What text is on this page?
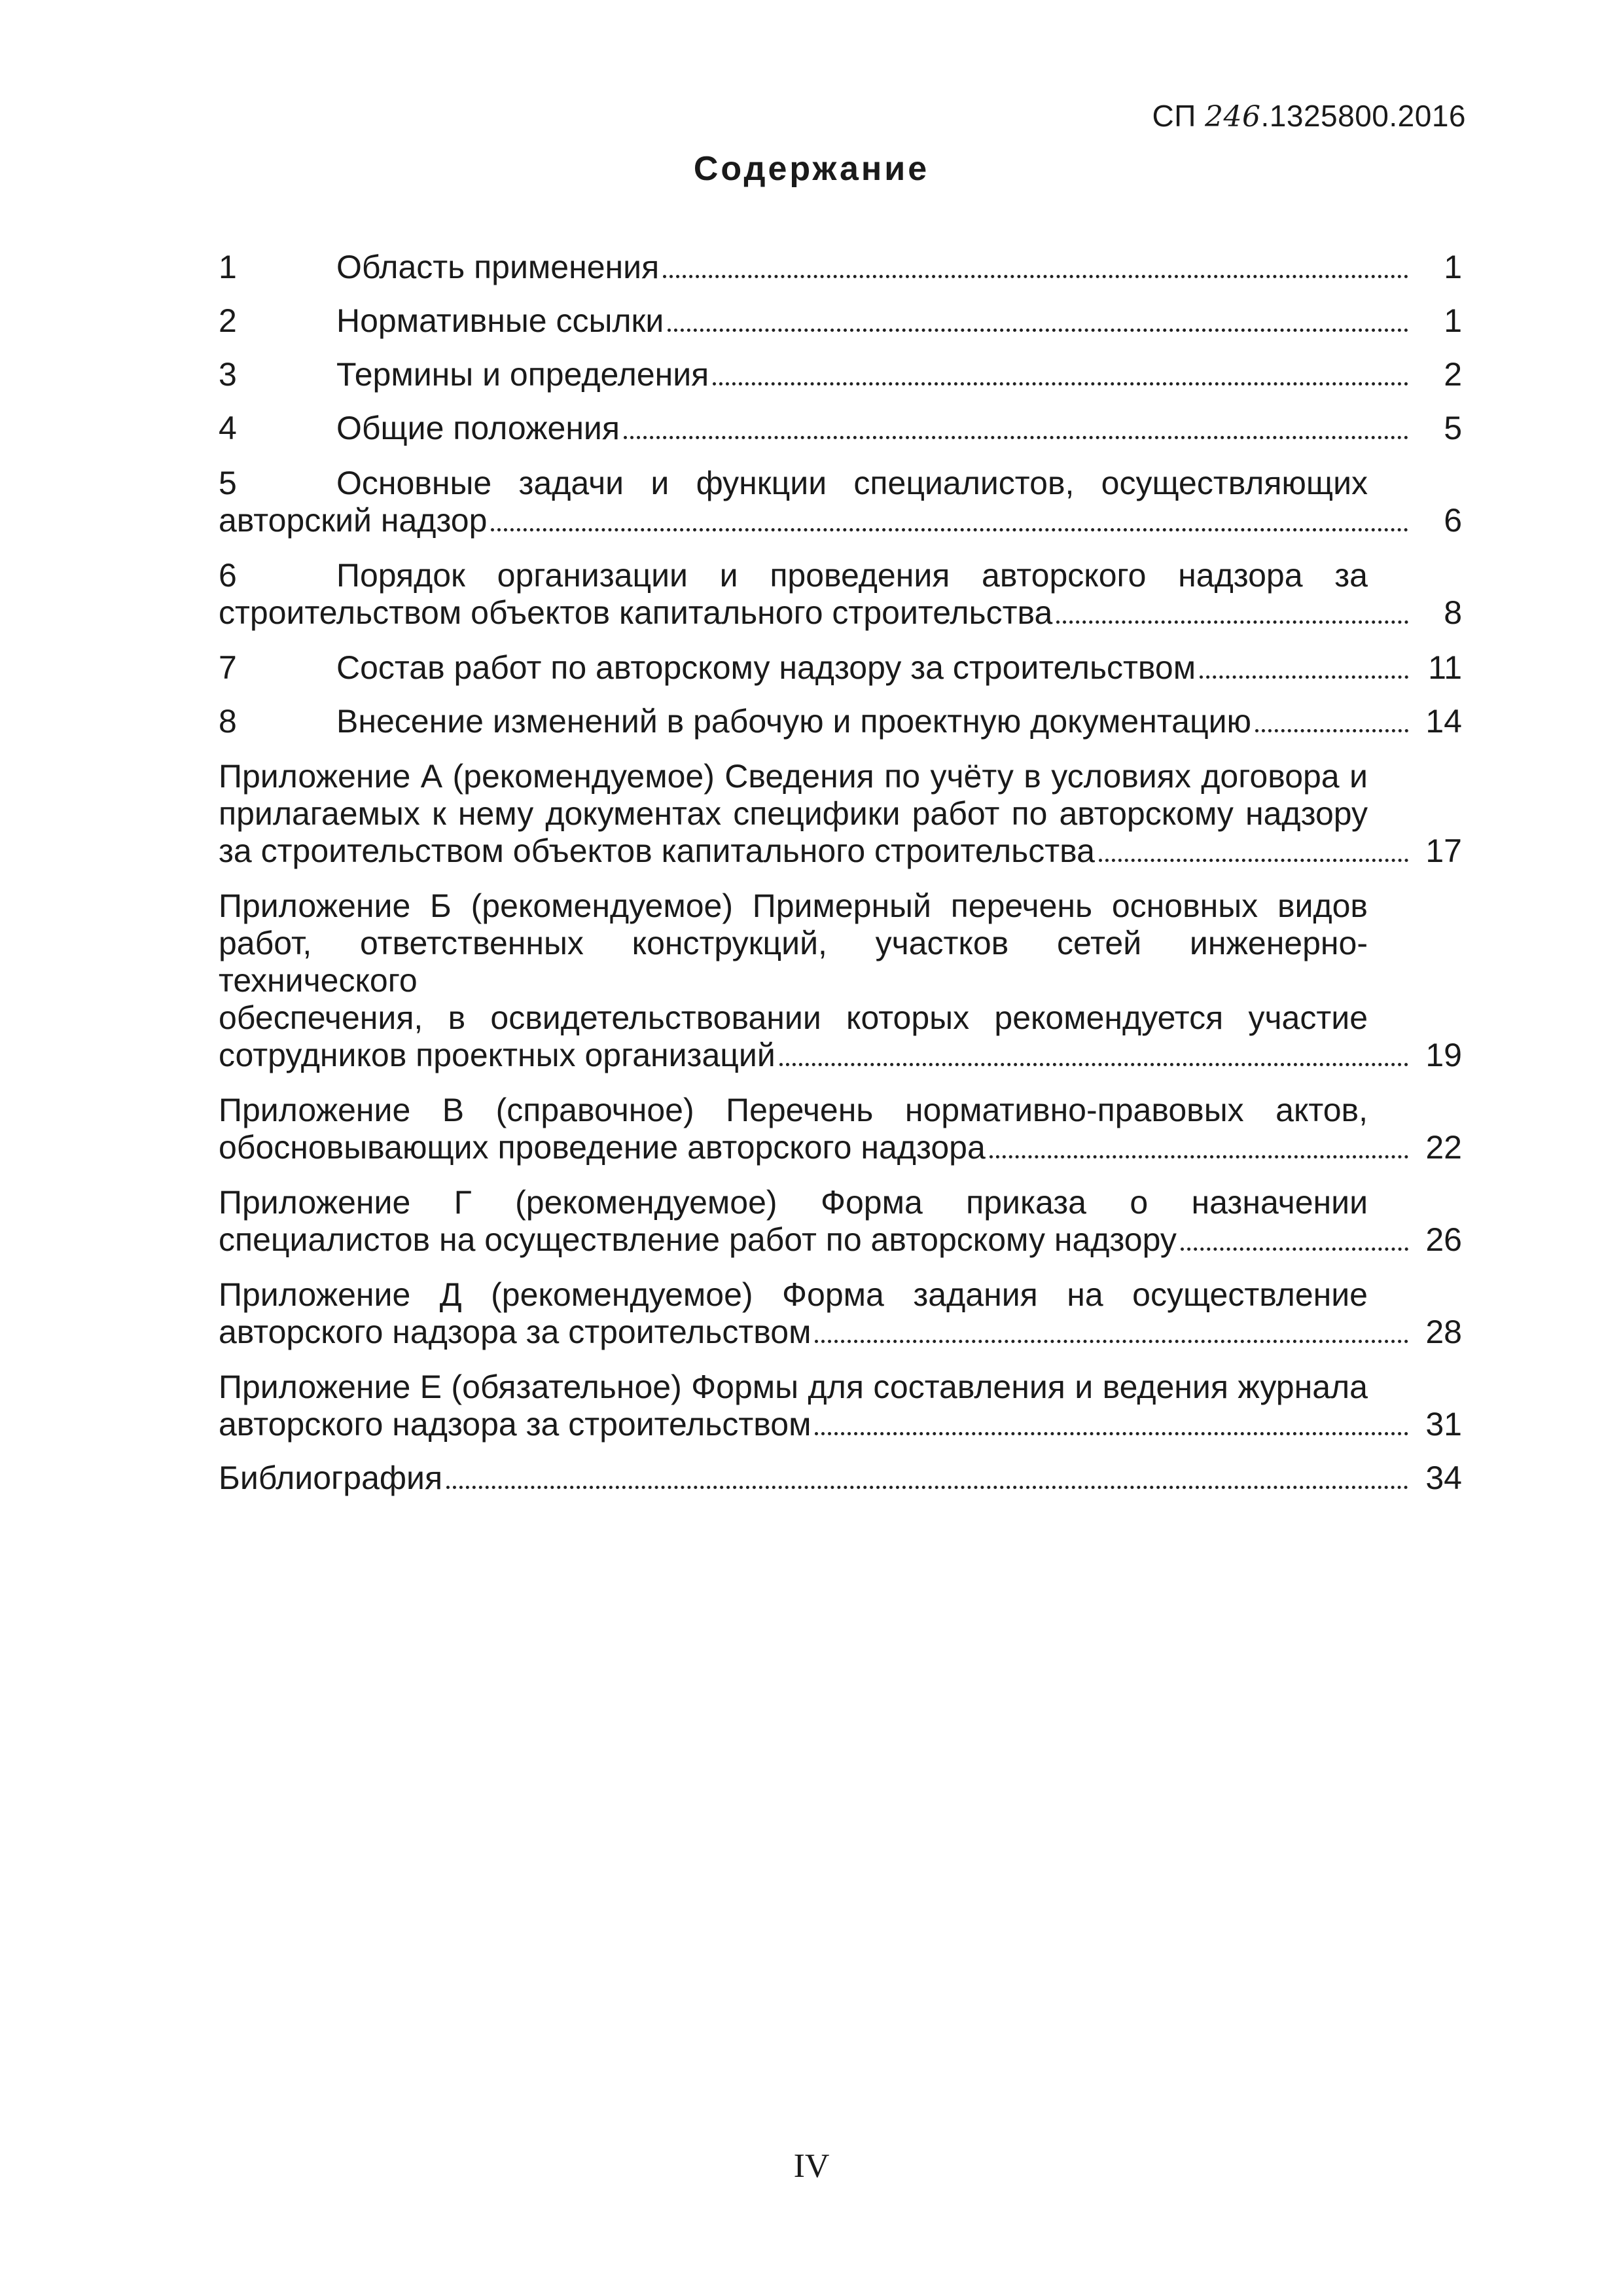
СП 246.1325800.2016
Содержание
1	Область применения	1
2	Нормативные ссылки	1
3	Термины и определения	2
4	Общие положения	5
5	Основные задачи и функции специалистов, осуществляющих
авторский надзор	6
6	Порядок организации и проведения авторского надзора за
строительством объектов капитального строительства	8
7	Состав работ по авторскому надзору за строительством	11
8	Внесение изменений в рабочую и проектную документацию	14
Приложение А (рекомендуемое) Сведения по учёту в условиях договора и
прилагаемых к нему документах специфики работ по авторскому надзору
за строительством объектов капитального строительства	17
Приложение Б (рекомендуемое) Примерный перечень основных видов
работ, ответственных конструкций, участков сетей инженерно-технического
обеспечения, в освидетельствовании которых рекомендуется участие
сотрудников проектных организаций	19
Приложение В (справочное) Перечень нормативно-правовых актов,
обосновывающих проведение авторского надзора	22
Приложение Г (рекомендуемое) Форма приказа о назначении
специалистов на осуществление работ по авторскому надзору	26
Приложение Д (рекомендуемое) Форма задания на осуществление
авторского надзора за строительством	28
Приложение Е (обязательное) Формы для составления и ведения журнала
авторского надзора за строительством	31
Библиография	34
IV
